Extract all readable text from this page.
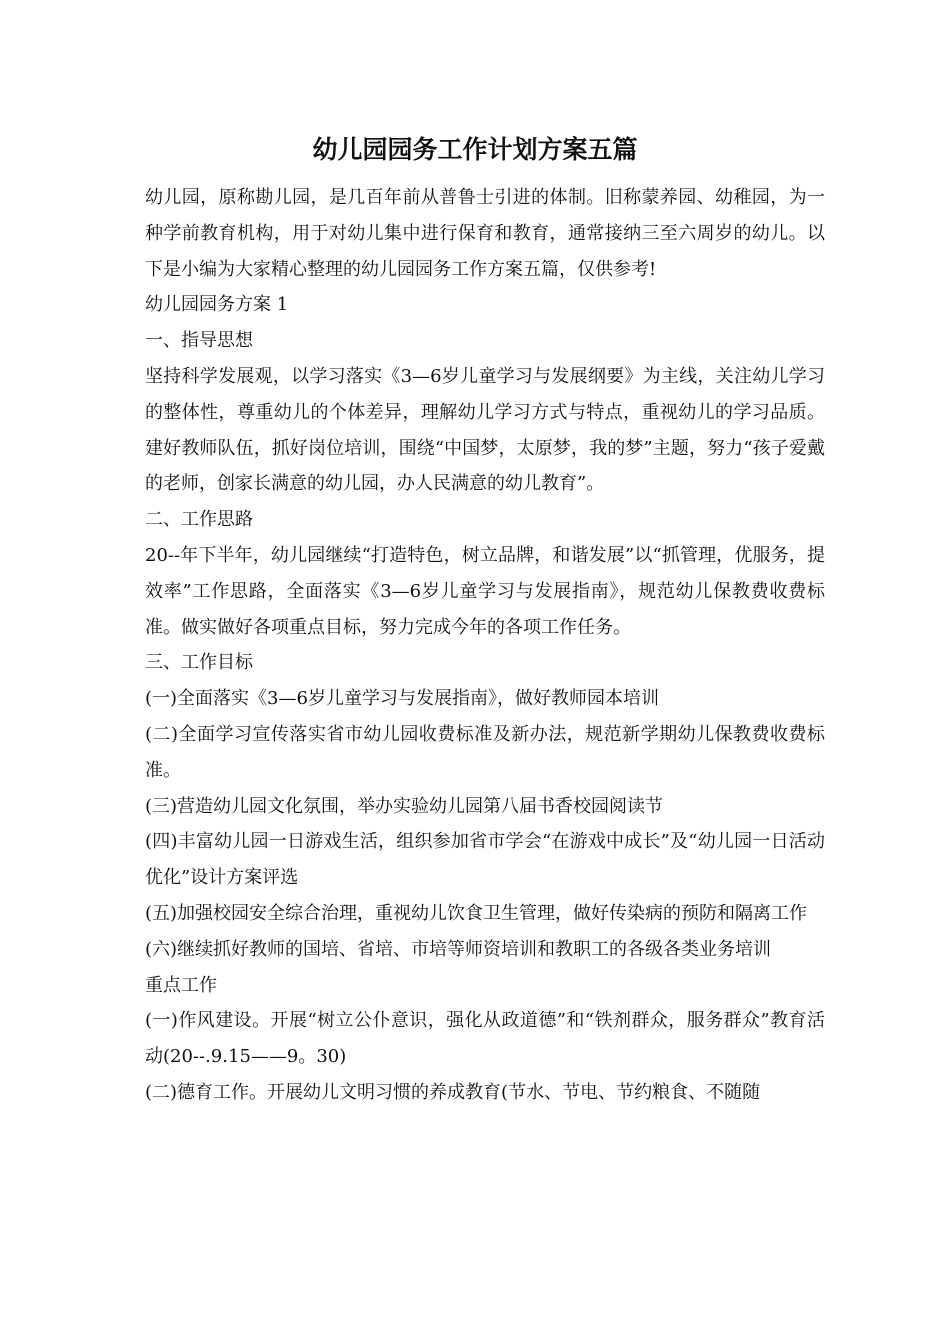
幼儿园园务工作计划方案五篇

幼儿园，原称勘儿园，是几百年前从普鲁士引进的体制。旧称蒙养园、幼稚园，为一种学前教育机构，用于对幼儿集中进行保育和教育，通常接纳三至六周岁的幼儿。以下是小编为大家精心整理的幼儿园园务工作方案五篇，仅供参考!

幼儿园园务方案 1

一、指导思想

坚持科学发展观，以学习落实《3—6岁儿童学习与发展纲要》为主线，关注幼儿学习的整体性，尊重幼儿的个体差异，理解幼儿学习方式与特点，重视幼儿的学习品质。建好教师队伍，抓好岗位培训，围绕“中国梦，太原梦，我的梦”主题，努力“孩子爱戴的老师，创家长满意的幼儿园，办人民满意的幼儿教育”。

二、工作思路

20--年下半年，幼儿园继续“打造特色，树立品牌，和谐发展”以“抓管理，优服务，提效率”工作思路，全面落实《3—6岁儿童学习与发展指南》，规范幼儿保教费收费标准。做实做好各项重点目标，努力完成今年的各项工作任务。

三、工作目标

(一)全面落实《3—6岁儿童学习与发展指南》，做好教师园本培训

(二)全面学习宣传落实省市幼儿园收费标准及新办法，规范新学期幼儿保教费收费标准。

(三)营造幼儿园文化氛围，举办实验幼儿园第八届书香校园阅读节

(四)丰富幼儿园一日游戏生活，组织参加省市学会“在游戏中成长”及“幼儿园一日活动优化”设计方案评选

(五)加强校园安全综合治理，重视幼儿饮食卫生管理，做好传染病的预防和隔离工作

(六)继续抓好教师的国培、省培、市培等师资培训和教职工的各级各类业务培训

重点工作

(一)作风建设。开展“树立公仆意识，强化从政道德”和“铁剂群众，服务群众”教育活动(20--.9.15——9。30)

(二)德育工作。开展幼儿文明习惯的养成教育(节水、节电、节约粮食、不随随
